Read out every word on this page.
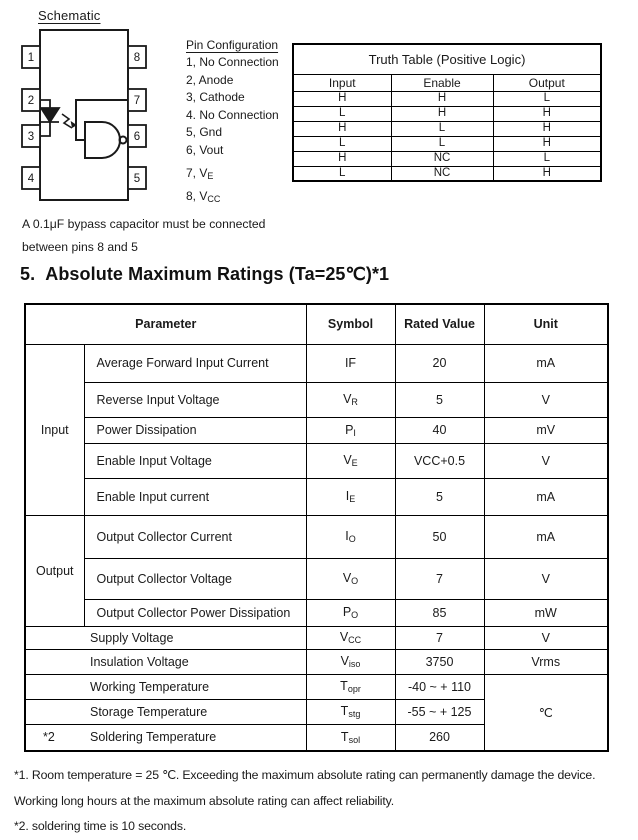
Schematic
1
2
3
4
8
7
6
5
Pin Configuration
1, No Connection
2, Anode
3, Cathode
4. No Connection
5, Gnd
6, Vout
7, $V_E$
8, $V_{CC}$
Truth Table (Positive Logic)		
Input	Enable	Output
H	H	L
L	H	H
H	L	H
L	L	H
H	NC	L
L	NC	H
A 0.1μF bypass capacitor must be connected
between pins 8 and 5
5. Absolute Maximum Ratings (Ta=25℃)*1
Parameter		Symbol	Rated Value	Unit
Input	Average Forward Input Current	IF	20	mA
	Reverse Input Voltage	$V_R$	5	V
	Power Dissipation	$P_I$	40	mV
	Enable Input Voltage	$V_E$	VCC+0.5	V
	Enable Input current	$I_E$	5	mA
Output	Output Collector Current	$I_O$	50	mA
	Output Collector Voltage	$V_O$	7	V
	Output Collector Power Dissipation	$P_O$	85	mW
Supply Voltage		$V_{CC}$	7	V
Insulation Voltage		$V_{iso}$	3750	Vrms
Working Temperature		$T_{opr}$	-40 ~ + 110	℃
Storage Temperature		$T_{stg}$	-55 ~ + 125	

*2 Soldering Temperature		$T_{sol}$	260	
*1. Room temperature = 25 ℃. Exceeding the maximum absolute rating can permanently damage the device.
Working long hours at the maximum absolute rating can affect reliability.
*2. soldering time is 10 seconds.
